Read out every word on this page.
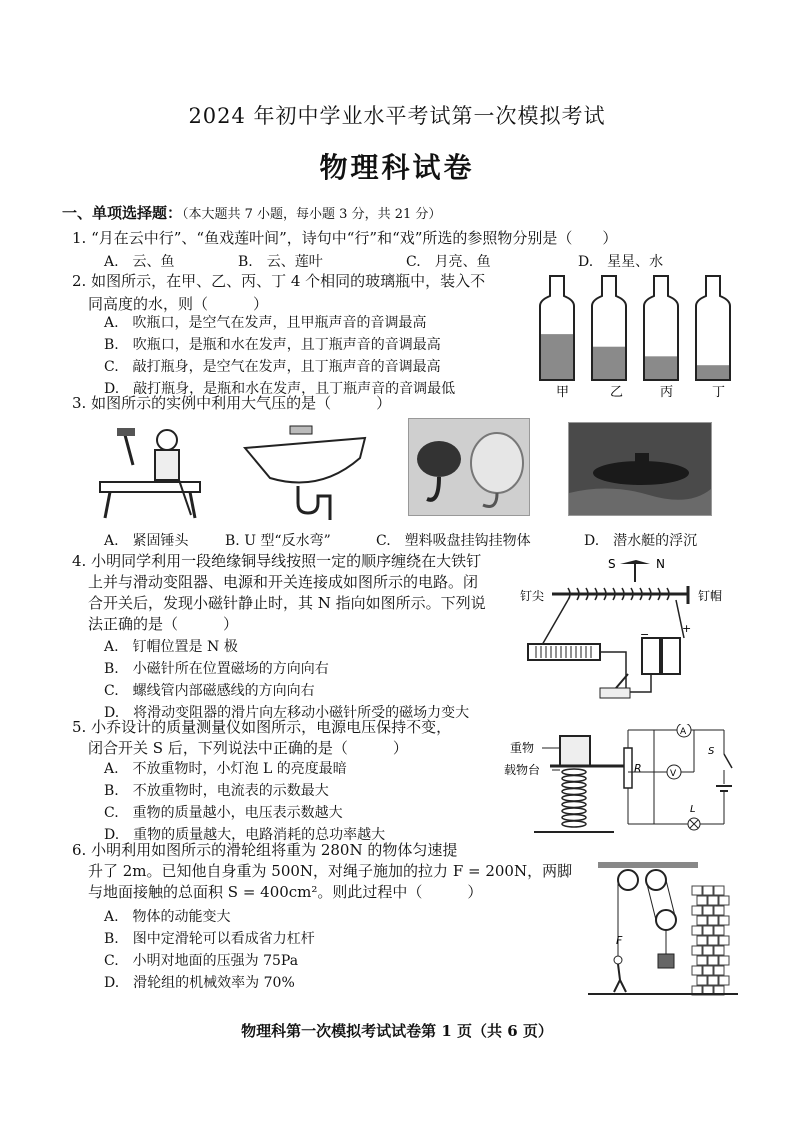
2024 年初中学业水平考试第一次模拟考试
物理科试卷
一、单项选择题：（本大题共 7 小题，每小题 3 分，共 21 分）
1. “月在云中行”、“鱼戏莲叶间”，诗句中“行”和“戏”所选的参照物分别是（　　）
A.　云、鱼	B.　云、莲叶	C.　月亮、鱼	D.　星星、水
2. 如图所示，在甲、乙、丙、丁 4 个相同的玻璃瓶中，装入不
同高度的水，则（　　　）
A.　吹瓶口，是空气在发声，且甲瓶声音的音调最高
B.　吹瓶口，是瓶和水在发声，且丁瓶声音的音调最高
C.　敲打瓶身，是空气在发声，且丁瓶声音的音调最高
D.　敲打瓶身，是瓶和水在发声，且丁瓶声音的音调最低	甲	乙	丙	丁
3. 如图所示的实例中利用大气压的是（　　　）
A.　紧固锤头	B. U 型“反水弯”	C.　塑料吸盘挂钩挂物体	D.　潜水艇的浮沉
4. 小明同学利用一段绝缘铜导线按照一定的顺序缠绕在大铁钉
上并与滑动变阻器、电源和开关连接成如图所示的电路。闭
合开关后，发现小磁针静止时，其 N 指向如图所示。下列说
法正确的是（　　　）
A.　钉帽位置是 N 极
B.　小磁针所在位置磁场的方向向右
C.　螺线管内部磁感线的方向向右
D.　将滑动变阻器的滑片向左移动小磁针所受的磁场力变大
S	N
钉尖	钉帽
−	+
5. 小乔设计的质量测量仪如图所示，电源电压保持不变，
闭合开关 S 后，下列说法中正确的是（　　　）
A.　不放重物时，小灯泡 L 的亮度最暗
B.　不放重物时，电流表的示数最大
C.　重物的质量越小，电压表示数越大
D.　重物的质量越大，电路消耗的总功率越大
重物
载物台	R
A
V
S
L
6. 小明利用如图所示的滑轮组将重为 280N 的物体匀速提
升了 2m。已知他自身重为 500N，对绳子施加的拉力 F = 200N，两脚
与地面接触的总面积 S = 400cm²。则此过程中（　　　）
A.　物体的动能变大
B.　图中定滑轮可以看成省力杠杆
C.　小明对地面的压强为 75Pa
D.　滑轮组的机械效率为 70%
F
物理科第一次模拟考试试卷第 1 页（共 6 页）
